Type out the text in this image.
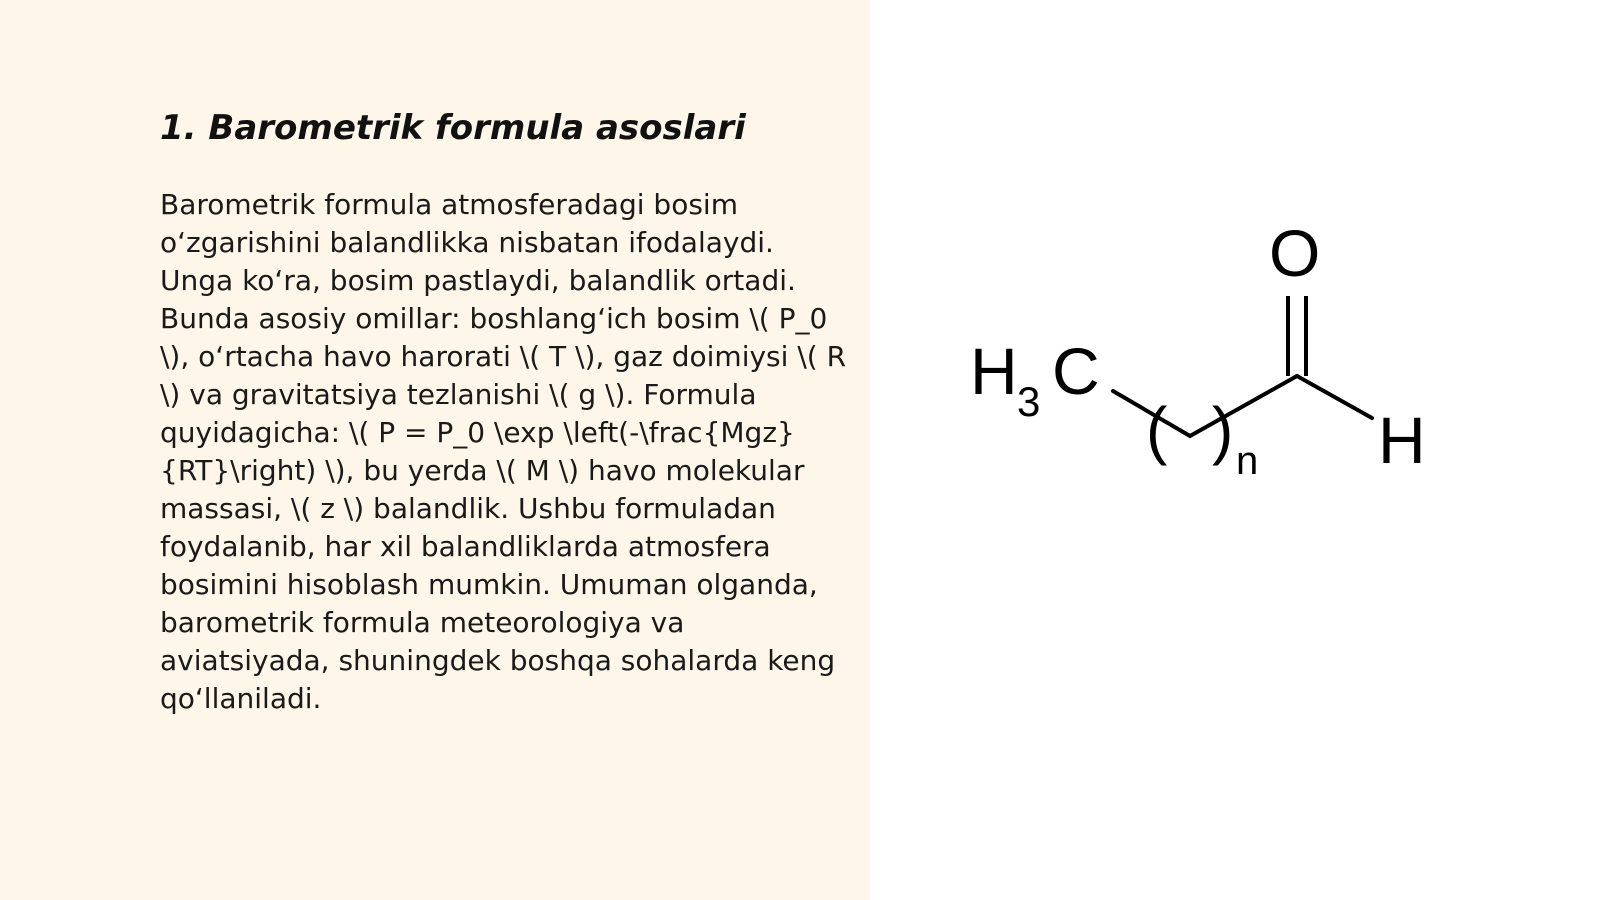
1. Barometrik formula asoslari

Barometrik formula atmosferadagi bosim o‘zgarishini balandlikka nisbatan ifodalaydi. Unga ko‘ra, bosim pastlaydi, balandlik ortadi. Bunda asosiy omillar: boshlang‘ich bosim \( P_0 \), o‘rtacha havo harorati \( T \), gaz doimiysi \( R \) va gravitatsiya tezlanishi \( g \). Formula quyidagicha: \( P = P_0 \exp \left(-\frac{Mgz}{RT}\right) \), bu yerda \( M \) havo molekular massasi, \( z \) balandlik. Ushbu formuladan foydalanib, har xil balandliklarda atmosfera bosimini hisoblash mumkin. Umuman olganda, barometrik formula meteorologiya va aviatsiyada, shuningdek boshqa sohalarda keng qo‘llaniladi.

H 3 C
( ) n
O
H
